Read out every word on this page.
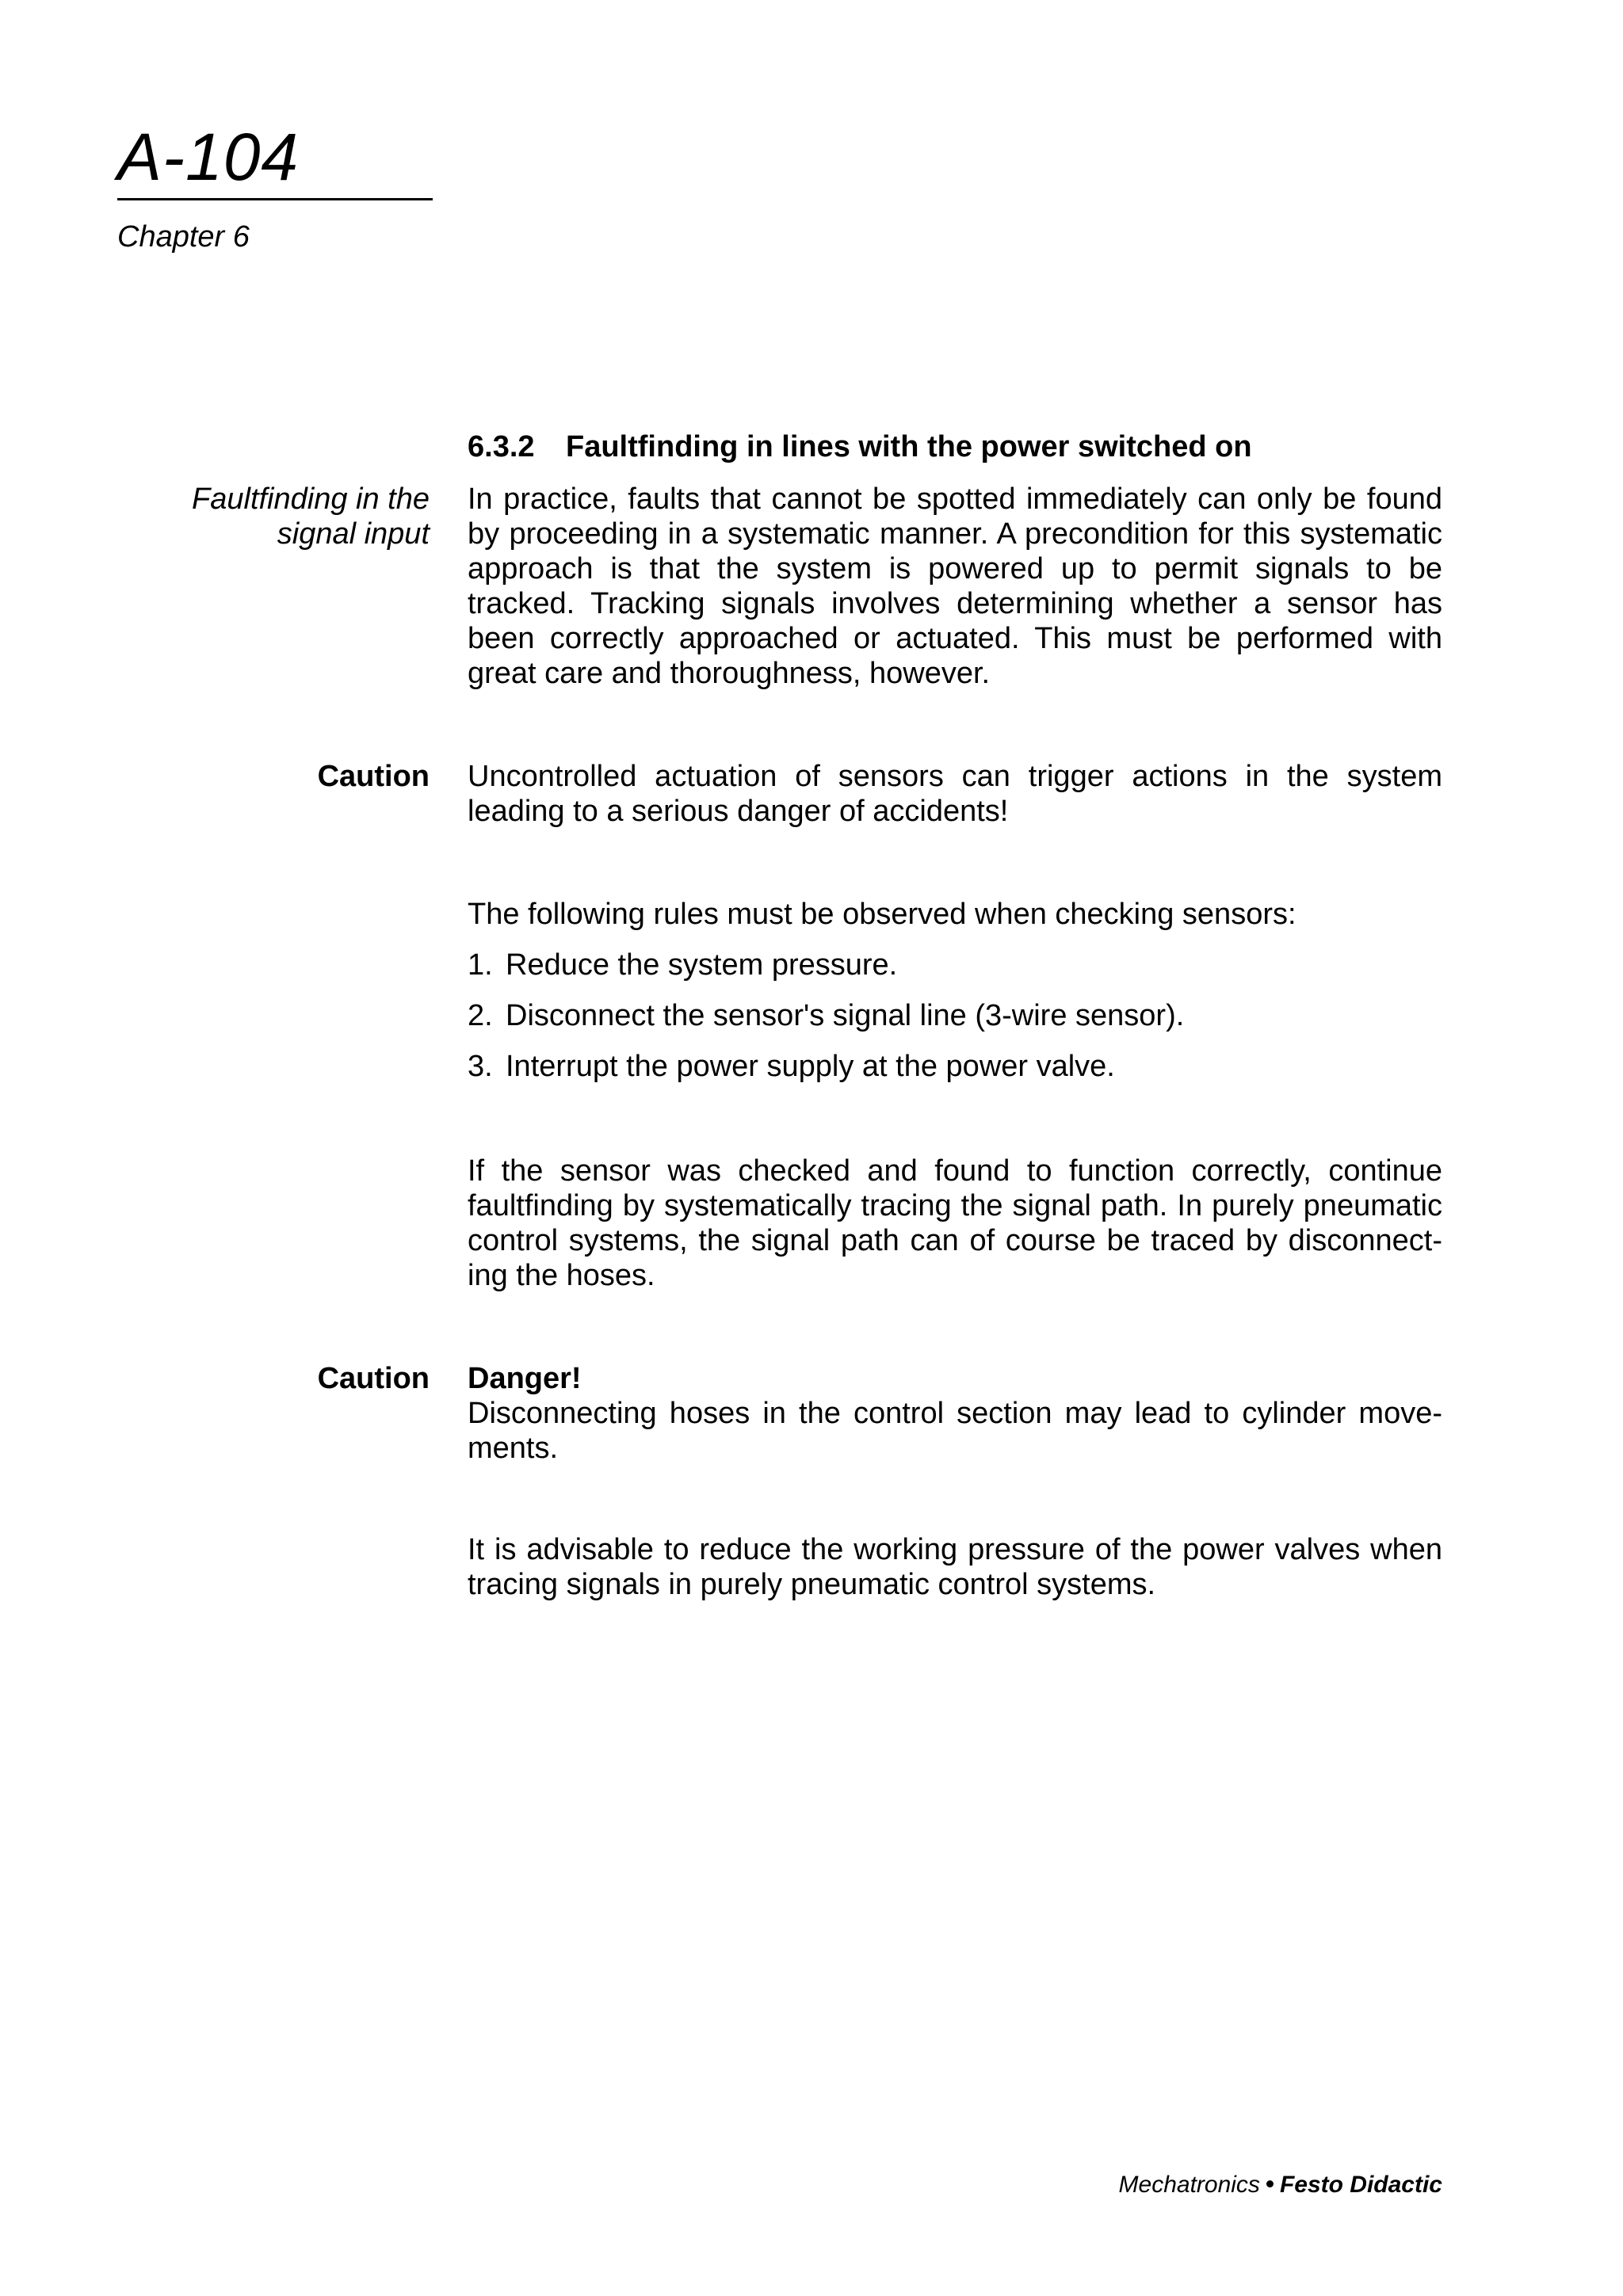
A-104
Chapter 6
6.3.2	Faultfinding in lines with the power switched on
Faultfinding in the
signal input

In practice, faults that cannot be spotted immediately can only be found by proceeding in a systematic manner. A precondition for this systematic approach is that the system is powered up to permit signals to be tracked. Tracking signals involves determining whether a sensor has been correctly approached or actuated. This must be performed with great care and thoroughness, however.

Caution Uncontrolled actuation of sensors can trigger actions in the system leading to a serious danger of accidents!

The following rules must be observed when checking sensors:

1. Reduce the system pressure.
2. Disconnect the sensor's signal line (3-wire sensor).
3. Interrupt the power supply at the power valve.

If the sensor was checked and found to function correctly, continue faultfinding by systematically tracing the signal path. In purely pneumatic control systems, the signal path can of course be traced by disconnecting the hoses.

Caution Danger!

Disconnecting hoses in the control section may lead to cylinder movements.

It is advisable to reduce the working pressure of the power valves when tracing signals in purely pneumatic control systems.

Mechatronics Festo Didactic
